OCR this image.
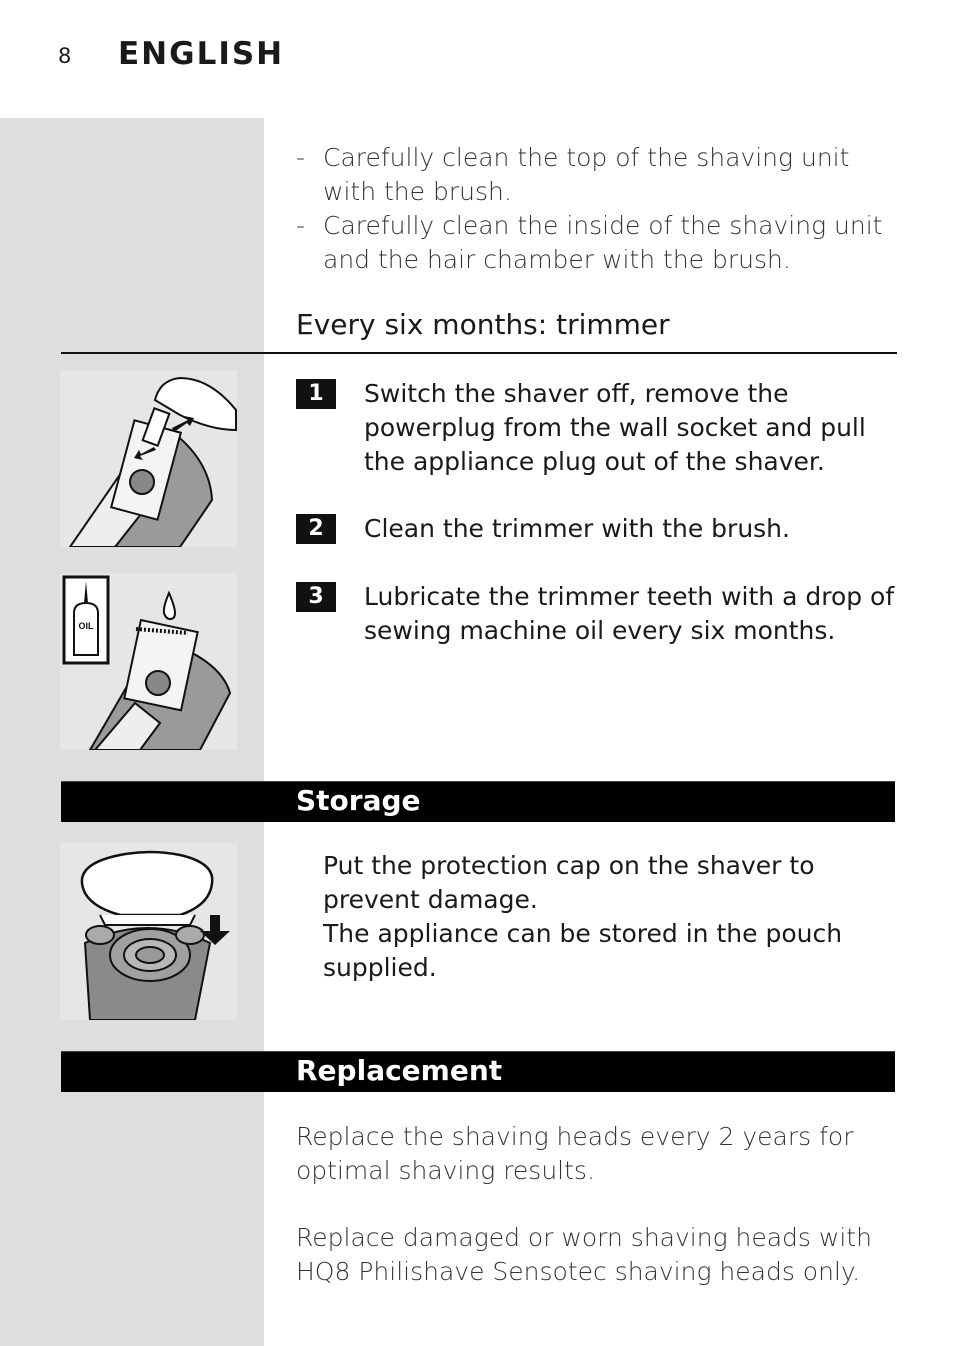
8 ENGLISH
- Carefully clean the top of the shaving unit with the brush.
- Carefully clean the inside of the shaving unit and the hair chamber with the brush.
Every six months: trimmer
OIL
1	Switch the shaver off, remove the powerplug from the wall socket and pull the appliance plug out of the shaver.
2	Clean the trimmer with the brush.
3	Lubricate the trimmer teeth with a drop of sewing machine oil every six months.
Storage
Put the protection cap on the shaver to prevent damage.
The appliance can be stored in the pouch supplied.
Replacement
Replace the shaving heads every 2 years for optimal shaving results.
Replace damaged or worn shaving heads with HQ8 Philishave Sensotec shaving heads only.
